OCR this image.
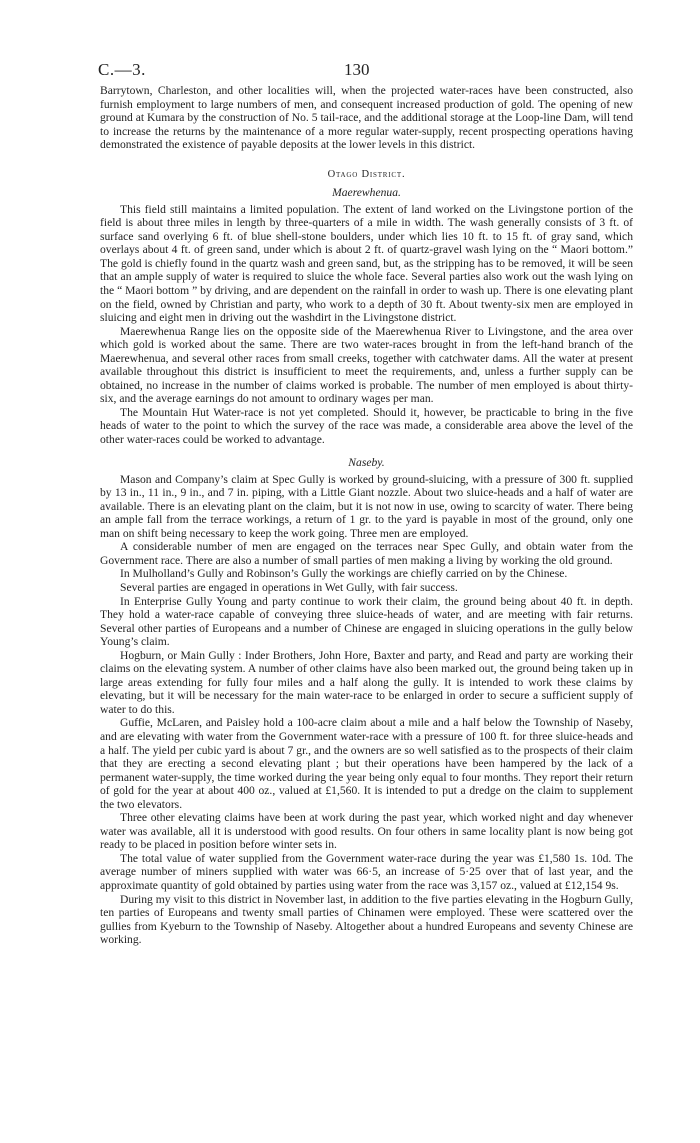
C.—3.	130

Barrytown, Charleston, and other localities will, when the projected water-races have been constructed, also furnish employment to large numbers of men, and consequent increased production of gold. The opening of new ground at Kumara by the construction of No. 5 tail-race, and the additional storage at the Loop-line Dam, will tend to increase the returns by the maintenance of a more regular water-supply, recent prospecting operations having demonstrated the existence of payable deposits at the lower levels in this district.

Otago District.
Maerewhenua.

This field still maintains a limited population. The extent of land worked on the Livingstone portion of the field is about three miles in length by three-quarters of a mile in width. The wash generally consists of 3 ft. of surface sand overlying 6 ft. of blue shell-stone boulders, under which lies 10 ft. to 15 ft. of gray sand, which overlays about 4 ft. of green sand, under which is about 2 ft. of quartz-gravel wash lying on the “ Maori bottom.” The gold is chiefly found in the quartz wash and green sand, but, as the stripping has to be removed, it will be seen that an ample supply of water is required to sluice the whole face. Several parties also work out the wash lying on the “ Maori bottom ” by driving, and are dependent on the rainfall in order to wash up. There is one elevating plant on the field, owned by Christian and party, who work to a depth of 30 ft. About twenty-six men are employed in sluicing and eight men in driving out the washdirt in the Livingstone district.

Maerewhenua Range lies on the opposite side of the Maerewhenua River to Livingstone, and the area over which gold is worked about the same. There are two water-races brought in from the left-hand branch of the Maerewhenua, and several other races from small creeks, together with catchwater dams. All the water at present available throughout this district is insufficient to meet the requirements, and, unless a further supply can be obtained, no increase in the number of claims worked is probable. The number of men employed is about thirty-six, and the average earnings do not amount to ordinary wages per man.

The Mountain Hut Water-race is not yet completed. Should it, however, be practicable to bring in the five heads of water to the point to which the survey of the race was made, a considerable area above the level of the other water-races could be worked to advantage.

Naseby.

Mason and Company’s claim at Spec Gully is worked by ground-sluicing, with a pressure of 300 ft. supplied by 13 in., 11 in., 9 in., and 7 in. piping, with a Little Giant nozzle. About two sluice-heads and a half of water are available. There is an elevating plant on the claim, but it is not now in use, owing to scarcity of water. There being an ample fall from the terrace workings, a return of 1 gr. to the yard is payable in most of the ground, only one man on shift being necessary to keep the work going. Three men are employed.

A considerable number of men are engaged on the terraces near Spec Gully, and obtain water from the Government race. There are also a number of small parties of men making a living by working the old ground.

In Mulholland’s Gully and Robinson’s Gully the workings are chiefly carried on by the Chinese.

Several parties are engaged in operations in Wet Gully, with fair success.

In Enterprise Gully Young and party continue to work their claim, the ground being about 40 ft. in depth. They hold a water-race capable of conveying three sluice-heads of water, and are meeting with fair returns. Several other parties of Europeans and a number of Chinese are engaged in sluicing operations in the gully below Young’s claim.

Hogburn, or Main Gully : Inder Brothers, John Hore, Baxter and party, and Read and party are working their claims on the elevating system. A number of other claims have also been marked out, the ground being taken up in large areas extending for fully four miles and a half along the gully. It is intended to work these claims by elevating, but it will be necessary for the main water-race to be enlarged in order to secure a sufficient supply of water to do this.

Guffie, McLaren, and Paisley hold a 100-acre claim about a mile and a half below the Township of Naseby, and are elevating with water from the Government water-race with a pressure of 100 ft. for three sluice-heads and a half. The yield per cubic yard is about 7 gr., and the owners are so well satisfied as to the prospects of their claim that they are erecting a second elevating plant ; but their operations have been hampered by the lack of a permanent water-supply, the time worked during the year being only equal to four months. They report their return of gold for the year at about 400 oz., valued at £1,560. It is intended to put a dredge on the claim to supplement the two elevators.

Three other elevating claims have been at work during the past year, which worked night and day whenever water was available, all it is understood with good results. On four others in same locality plant is now being got ready to be placed in position before winter sets in.

The total value of water supplied from the Government water-race during the year was £1,580 1s. 10d. The average number of miners supplied with water was 66·5, an increase of 5·25 over that of last year, and the approximate quantity of gold obtained by parties using water from the race was 3,157 oz., valued at £12,154 9s.

During my visit to this district in November last, in addition to the five parties elevating in the Hogburn Gully, ten parties of Europeans and twenty small parties of Chinamen were employed. These were scattered over the gullies from Kyeburn to the Township of Naseby. Altogether about a hundred Europeans and seventy Chinese are working.
